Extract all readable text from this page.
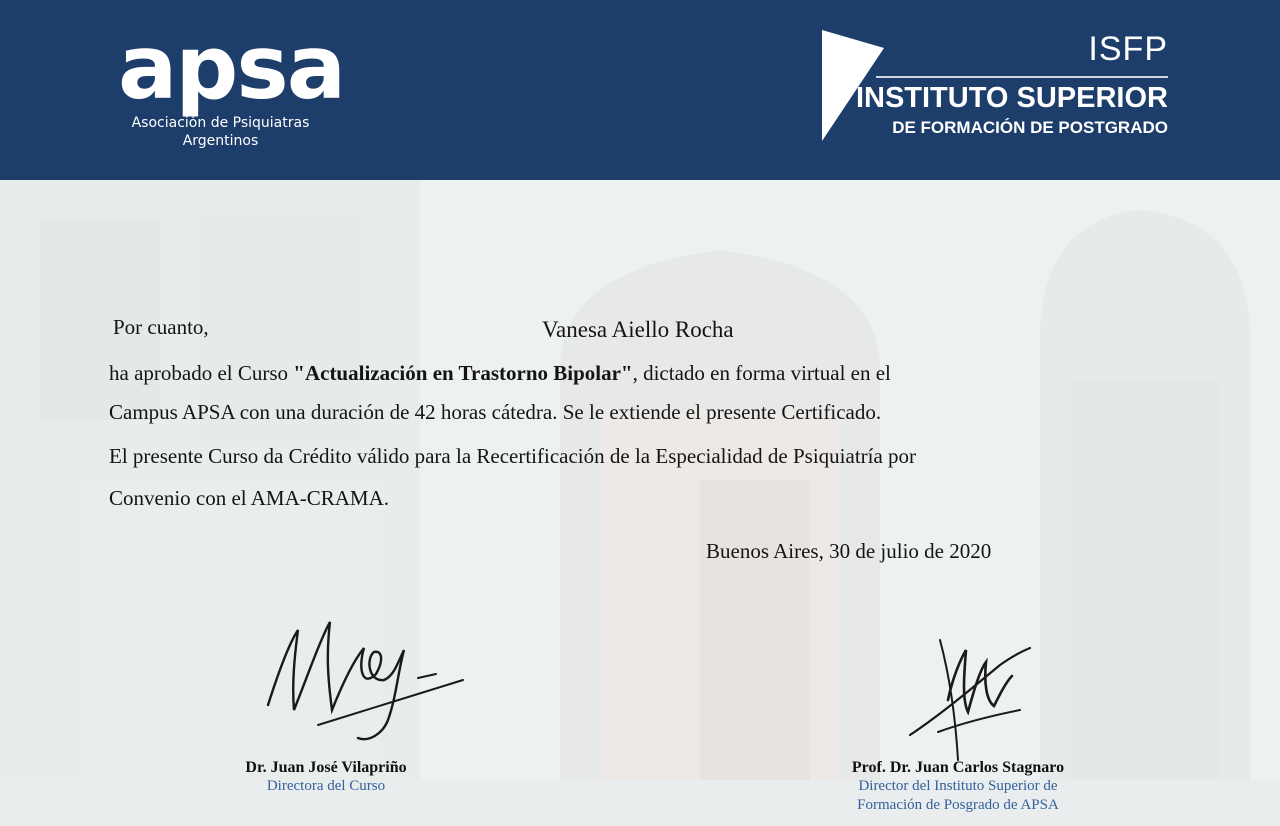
apsa
Asociación de Psiquiatras
Argentinos
ISFP
INSTITUTO SUPERIOR
DE FORMACIÓN DE POSTGRADO
Por cuanto,	Vanesa Aiello Rocha
ha aprobado el Curso "Actualización en Trastorno Bipolar", dictado en forma virtual en el
Campus APSA con una duración de 42 horas cátedra. Se le extiende el presente Certificado.
El presente Curso da Crédito válido para la Recertificación de la Especialidad de Psiquiatría por
Convenio con el AMA-CRAMA.
Buenos Aires, 30 de julio de 2020
Dr. Juan José Vilapriño
Directora del Curso
Prof. Dr. Juan Carlos Stagnaro
Director del Instituto Superior de
Formación de Posgrado de APSA
